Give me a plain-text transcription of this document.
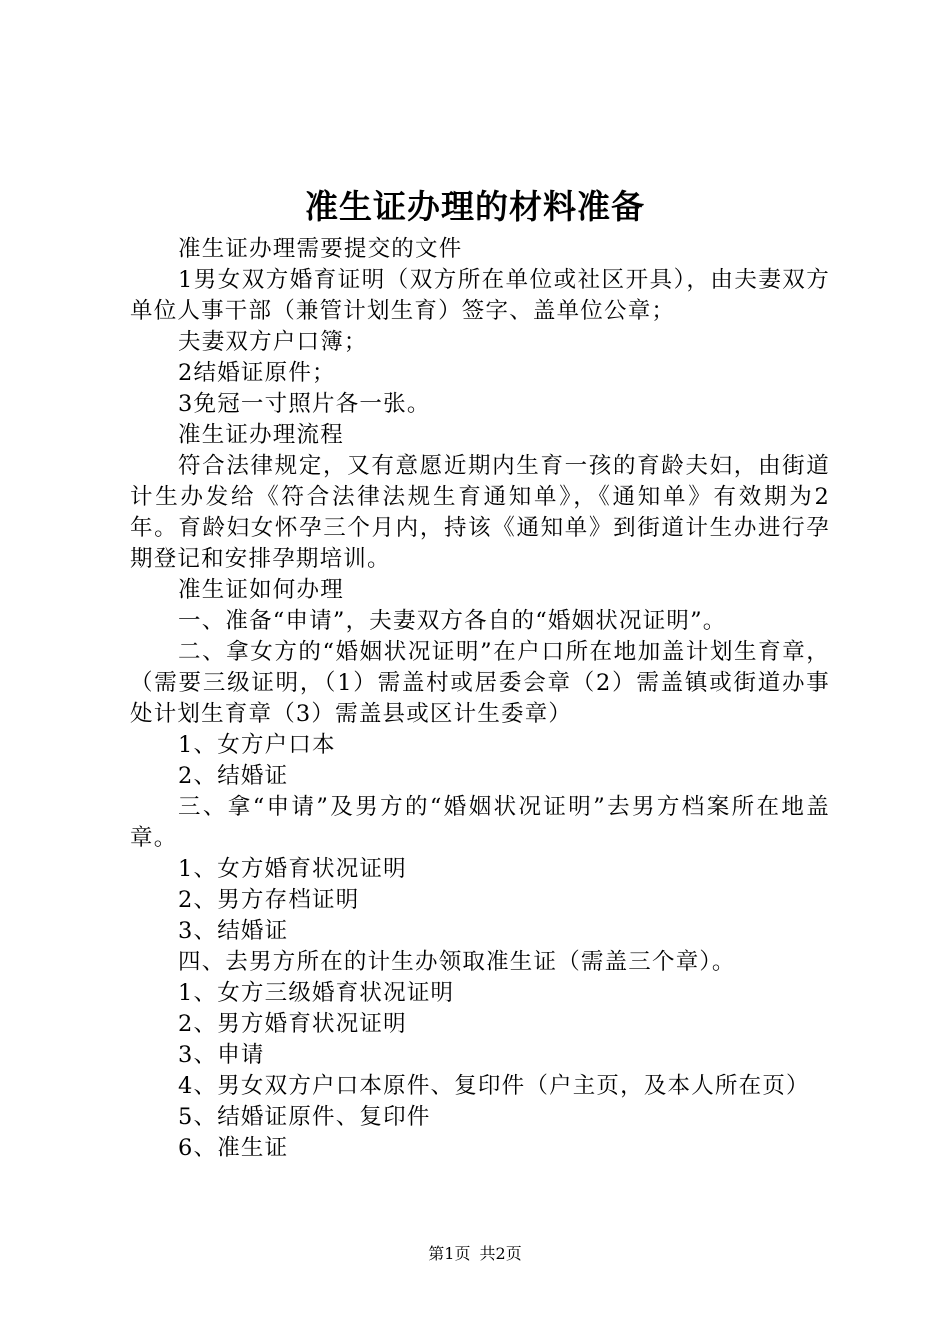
准生证办理的材料准备

准生证办理需要提交的文件

1男女双方婚育证明（双方所在单位或社区开具），由夫妻双方单位人事干部（兼管计划生育）签字、盖单位公章；

夫妻双方户口簿；

2结婚证原件；

3免冠一寸照片各一张。

准生证办理流程

符合法律规定，又有意愿近期内生育一孩的育龄夫妇，由街道计生办发给《符合法律法规生育通知单》，《通知单》有效期为2年。育龄妇女怀孕三个月内，持该《通知单》到街道计生办进行孕期登记和安排孕期培训。

准生证如何办理

一、准备“申请”，夫妻双方各自的“婚姻状况证明”。

二、拿女方的“婚姻状况证明”在户口所在地加盖计划生育章，（需要三级证明，（1）需盖村或居委会章（2）需盖镇或街道办事处计划生育章（3）需盖县或区计生委章）

1、女方户口本

2、结婚证

三、拿“申请”及男方的“婚姻状况证明”去男方档案所在地盖章。

1、女方婚育状况证明

2、男方存档证明

3、结婚证

四、去男方所在的计生办领取准生证（需盖三个章）。

1、女方三级婚育状况证明

2、男方婚育状况证明

3、申请

4、男女双方户口本原件、复印件（户主页，及本人所在页）

5、结婚证原件、复印件

6、准生证

第1页 共2页
